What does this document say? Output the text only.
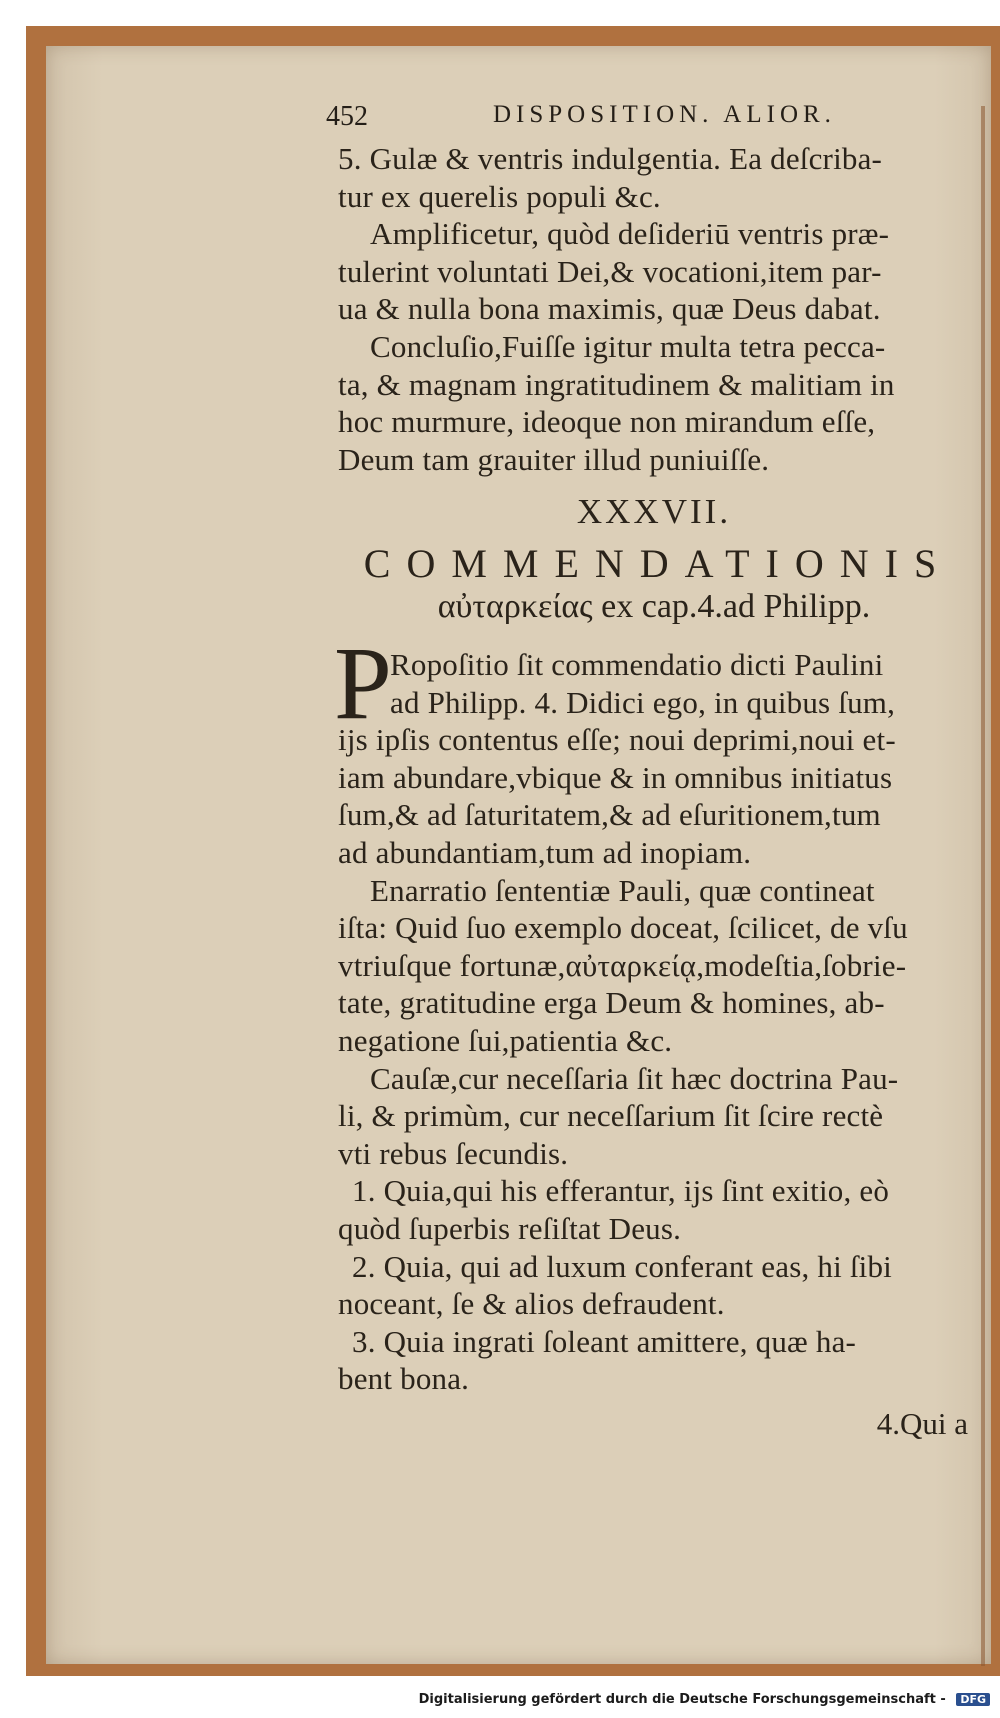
452	DISPOSITION. ALIOR.
5. Gulæ & ventris indulgentia. Ea deſcriba-
tur ex querelis populi &c.
Amplificetur, quòd deſideriū ventris præ-
tulerint voluntati Dei,& vocationi,item par-
ua & nulla bona maximis, quæ Deus dabat.
Concluſio,Fuiſſe igitur multa tetra pecca-
ta, & magnam ingratitudinem & malitiam in
hoc murmure, ideoque non mirandum eſſe,
Deum tam grauiter illud puniuiſſe.
XXXVII.
COMMENDATIONIS
αὐταρκείας ex cap.4.ad Philipp.
P
Ropoſitio ſit commendatio dicti Paulini
ad Philipp. 4. Didici ego, in quibus ſum,
ijs ipſis contentus eſſe; noui deprimi,noui et-
iam abundare,vbique & in omnibus initiatus
ſum,& ad ſaturitatem,& ad eſuritionem,tum
ad abundantiam,tum ad inopiam.
Enarratio ſententiæ Pauli, quæ contineat
iſta: Quid ſuo exemplo doceat, ſcilicet, de vſu
vtriuſque fortunæ,αὐταρκείᾳ,modeſtia,ſobrie-
tate, gratitudine erga Deum & homines, ab-
negatione ſui,patientia &c.
Cauſæ,cur neceſſaria ſit hæc doctrina Pau-
li, & primùm, cur neceſſarium ſit ſcire rectè
vti rebus ſecundis.
1. Quia,qui his efferantur, ijs ſint exitio, eò
quòd ſuperbis reſiſtat Deus.
2. Quia, qui ad luxum conferant eas, hi ſibi
noceant, ſe & alios defraudent.
3. Quia ingrati ſoleant amittere, quæ ha-
bent bona.
4.Qui a
Digitalisierung gefördert durch die Deutsche Forschungsgemeinschaft - DFG
